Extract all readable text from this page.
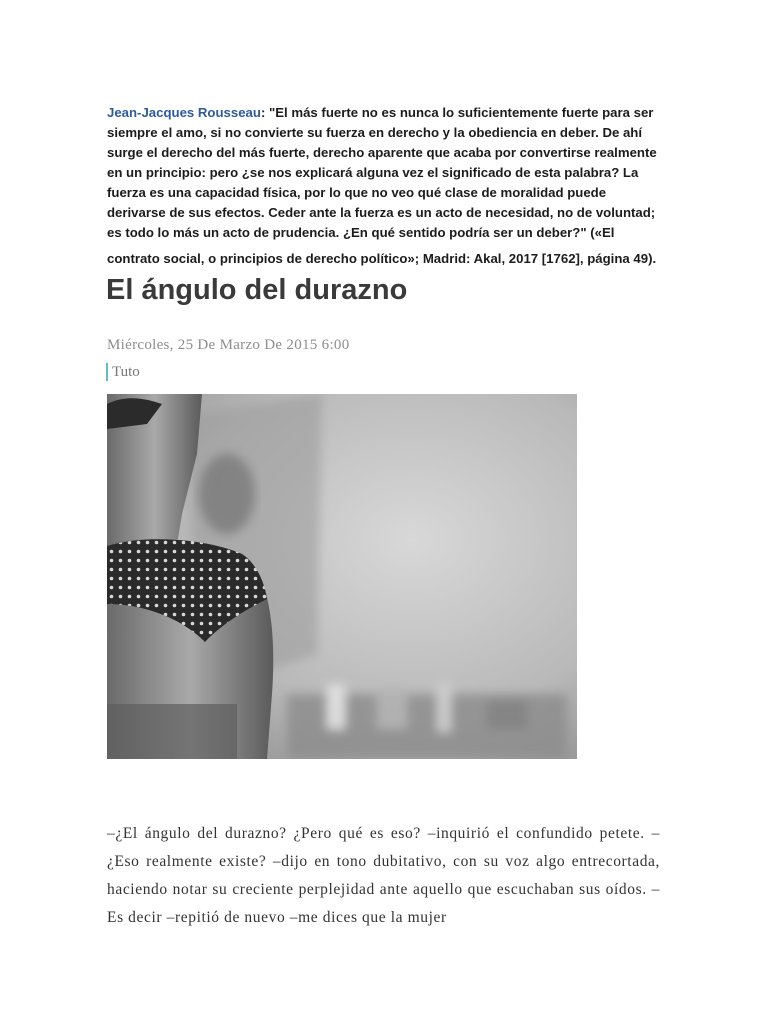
Jean-Jacques Rousseau: "El más fuerte no es nunca lo suficientemente fuerte para ser siempre el amo, si no convierte su fuerza en derecho y la obediencia en deber. De ahí surge el derecho del más fuerte, derecho aparente que acaba por convertirse realmente en un principio: pero ¿se nos explicará alguna vez el significado de esta palabra? La fuerza es una capacidad física, por lo que no veo qué clase de moralidad puede derivarse de sus efectos. Ceder ante la fuerza es un acto de necesidad, no de voluntad; es todo lo más un acto de prudencia. ¿En qué sentido podría ser un deber?" («El
contrato social, o principios de derecho político»; Madrid: Akal, 2017 [1762], página 49).
El ángulo del durazno
Miércoles, 25 De Marzo De 2015 6:00
Tuto
–¿El ángulo del durazno? ¿Pero qué es eso? –inquirió el confundido petete. –¿Eso realmente existe? –dijo en tono dubitativo, con su voz algo entrecortada, haciendo notar su creciente perplejidad ante aquello que escuchaban sus oídos. –Es decir –repitió de nuevo –me dices que la mujer
